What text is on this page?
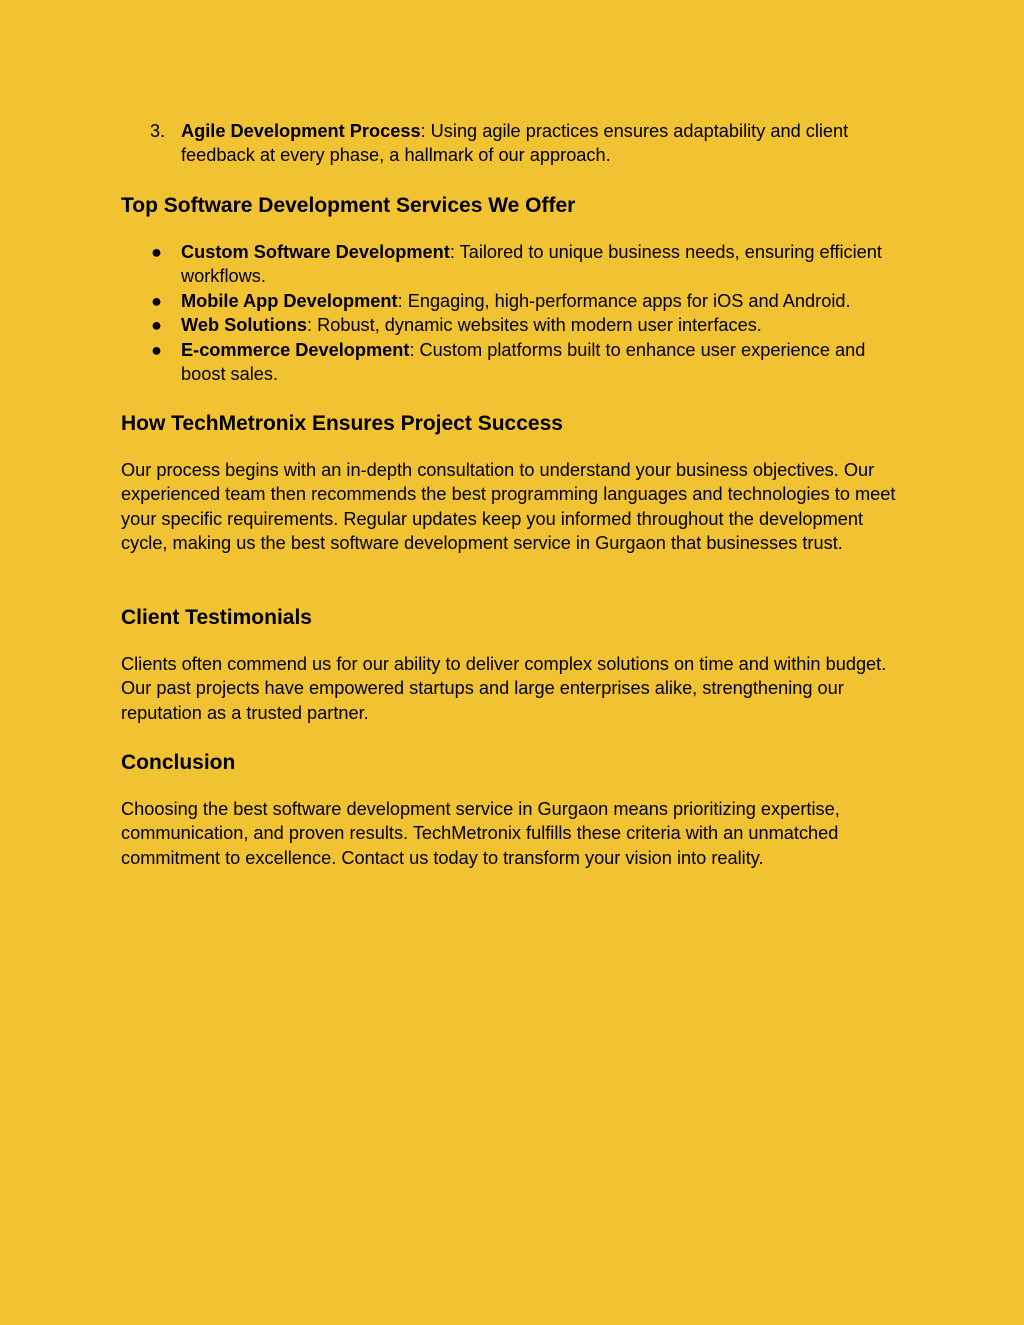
3. Agile Development Process: Using agile practices ensures adaptability and client feedback at every phase, a hallmark of our approach.
Top Software Development Services We Offer
● Custom Software Development: Tailored to unique business needs, ensuring efficient workflows.
● Mobile App Development: Engaging, high-performance apps for iOS and Android.
● Web Solutions: Robust, dynamic websites with modern user interfaces.
● E-commerce Development: Custom platforms built to enhance user experience and boost sales.
How TechMetronix Ensures Project Success

Our process begins with an in-depth consultation to understand your business objectives. Our experienced team then recommends the best programming languages and technologies to meet your specific requirements. Regular updates keep you informed throughout the development cycle, making us the best software development service in Gurgaon that businesses trust.

Client Testimonials

Clients often commend us for our ability to deliver complex solutions on time and within budget. Our past projects have empowered startups and large enterprises alike, strengthening our reputation as a trusted partner.

Conclusion

Choosing the best software development service in Gurgaon means prioritizing expertise, communication, and proven results. TechMetronix fulfills these criteria with an unmatched commitment to excellence. Contact us today to transform your vision into reality.
